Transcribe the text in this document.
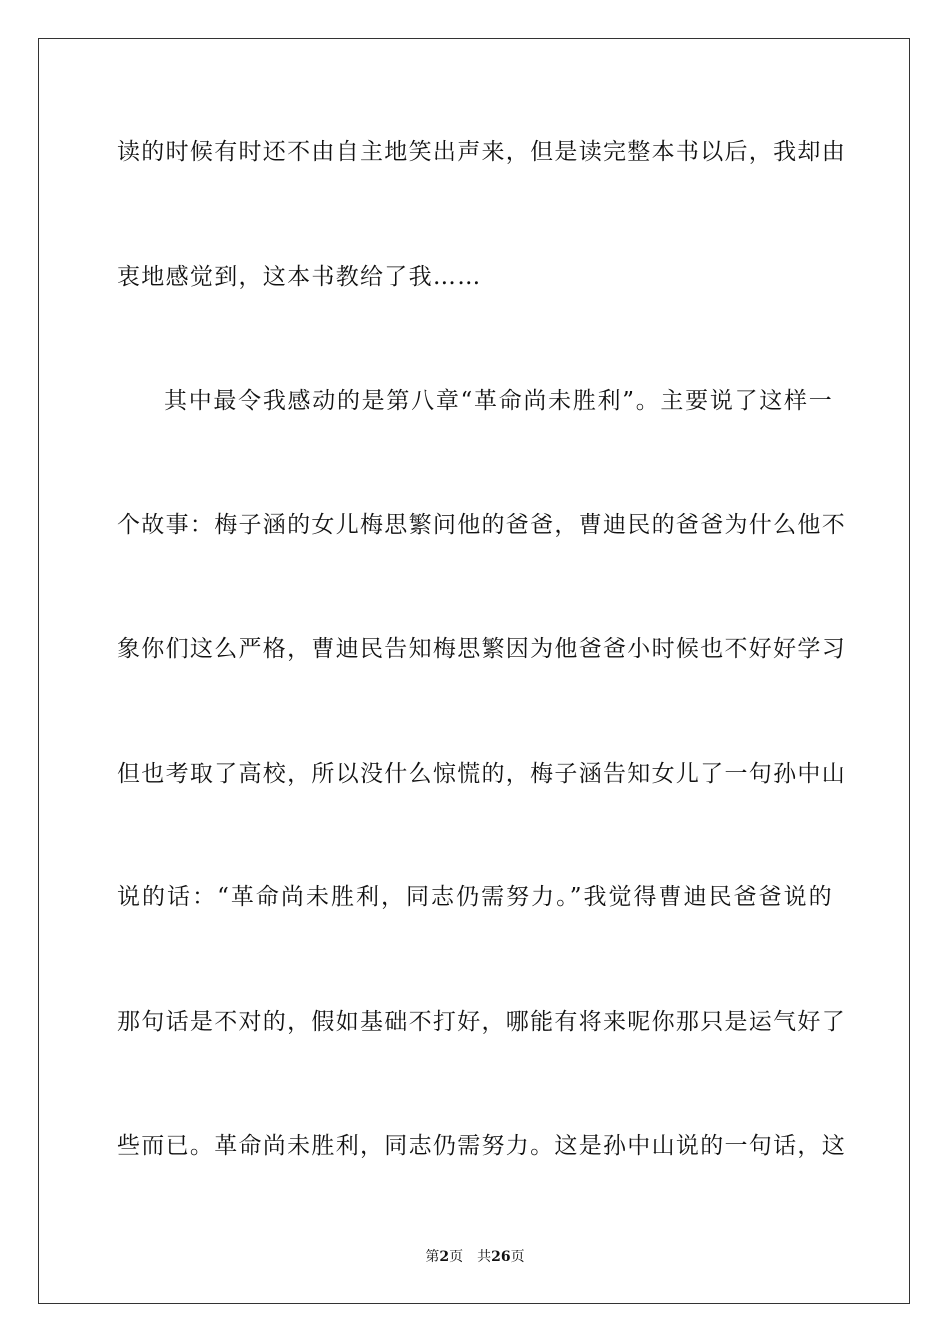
读的时候有时还不由自主地笑出声来，但是读完整本书以后，我却由
衷地感觉到，这本书教给了我……
其中最令我感动的是第八章“革命尚未胜利”。主要说了这样一
个故事：梅子涵的女儿梅思繁问他的爸爸，曹迪民的爸爸为什么他不
象你们这么严格，曹迪民告知梅思繁因为他爸爸小时候也不好好学习
但也考取了高校，所以没什么惊慌的，梅子涵告知女儿了一句孙中山
说的话：“革命尚未胜利，同志仍需努力。”我觉得曹迪民爸爸说的
那句话是不对的，假如基础不打好，哪能有将来呢你那只是运气好了
些而已。革命尚未胜利，同志仍需努力。这是孙中山说的一句话，这
第2页 共26页
